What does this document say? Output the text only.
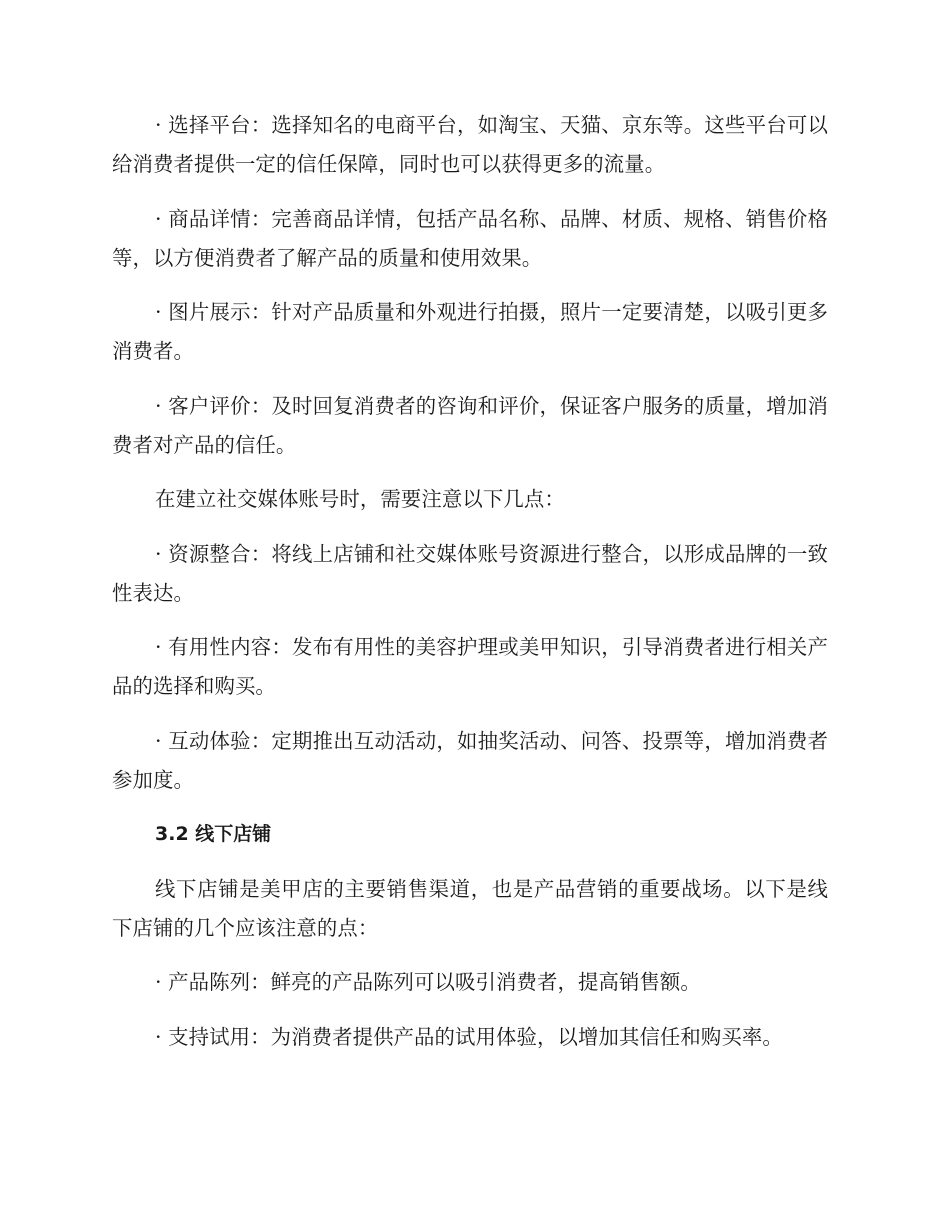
· 选择平台：选择知名的电商平台，如淘宝、天猫、京东等。这些平台可以给消费者提供一定的信任保障，同时也可以获得更多的流量。

· 商品详情：完善商品详情，包括产品名称、品牌、材质、规格、销售价格等，以方便消费者了解产品的质量和使用效果。

· 图片展示：针对产品质量和外观进行拍摄，照片一定要清楚，以吸引更多消费者。

· 客户评价：及时回复消费者的咨询和评价，保证客户服务的质量，增加消费者对产品的信任。

在建立社交媒体账号时，需要注意以下几点：

· 资源整合：将线上店铺和社交媒体账号资源进行整合，以形成品牌的一致性表达。

· 有用性内容：发布有用性的美容护理或美甲知识，引导消费者进行相关产品的选择和购买。

· 互动体验：定期推出互动活动，如抽奖活动、问答、投票等，增加消费者参加度。

3.2 线下店铺

线下店铺是美甲店的主要销售渠道，也是产品营销的重要战场。以下是线下店铺的几个应该注意的点：

· 产品陈列：鲜亮的产品陈列可以吸引消费者，提高销售额。

· 支持试用：为消费者提供产品的试用体验，以增加其信任和购买率。
